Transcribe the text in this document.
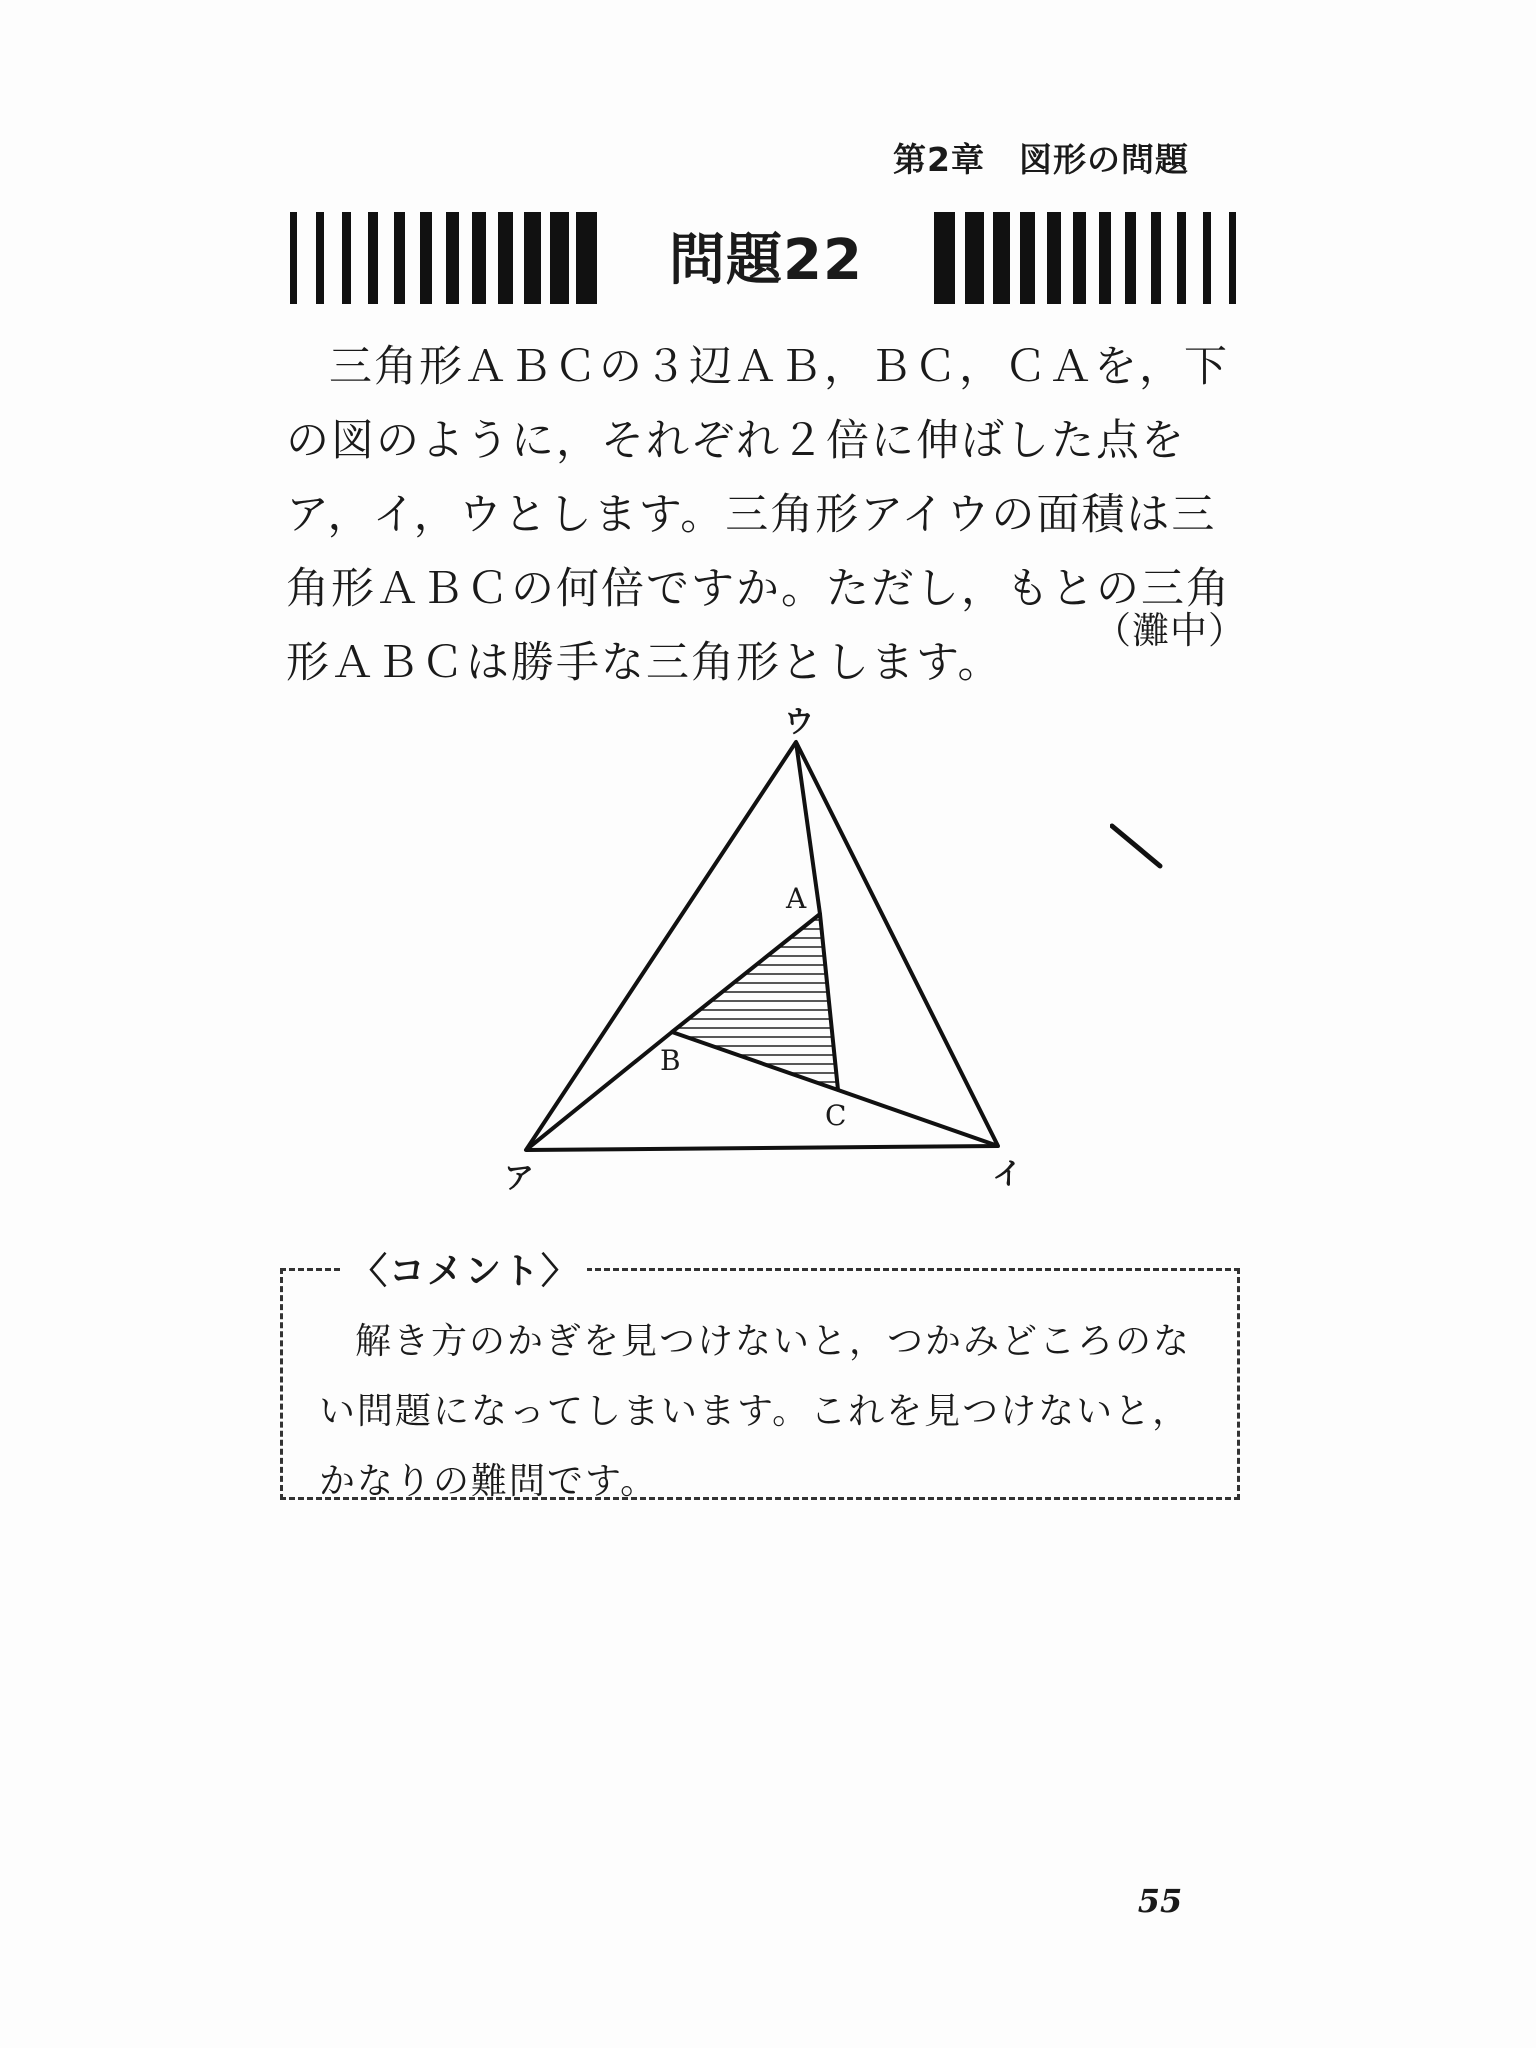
第2章　図形の問題
問題22

三角形ＡＢＣの３辺ＡＢ，ＢＣ，ＣＡを，下の図のように，それぞれ２倍に伸ばした点をア，イ，ウとします。三角形アイウの面積は三角形ＡＢＣの何倍ですか。ただし，もとの三角形ＡＢＣは勝手な三角形とします。

（灘中）
ウ
ア	イ
A
B
C
〈コメント〉

解き方のかぎを見つけないと，つかみどころのない問題になってしまいます。これを見つけないと，かなりの難問です。

55
